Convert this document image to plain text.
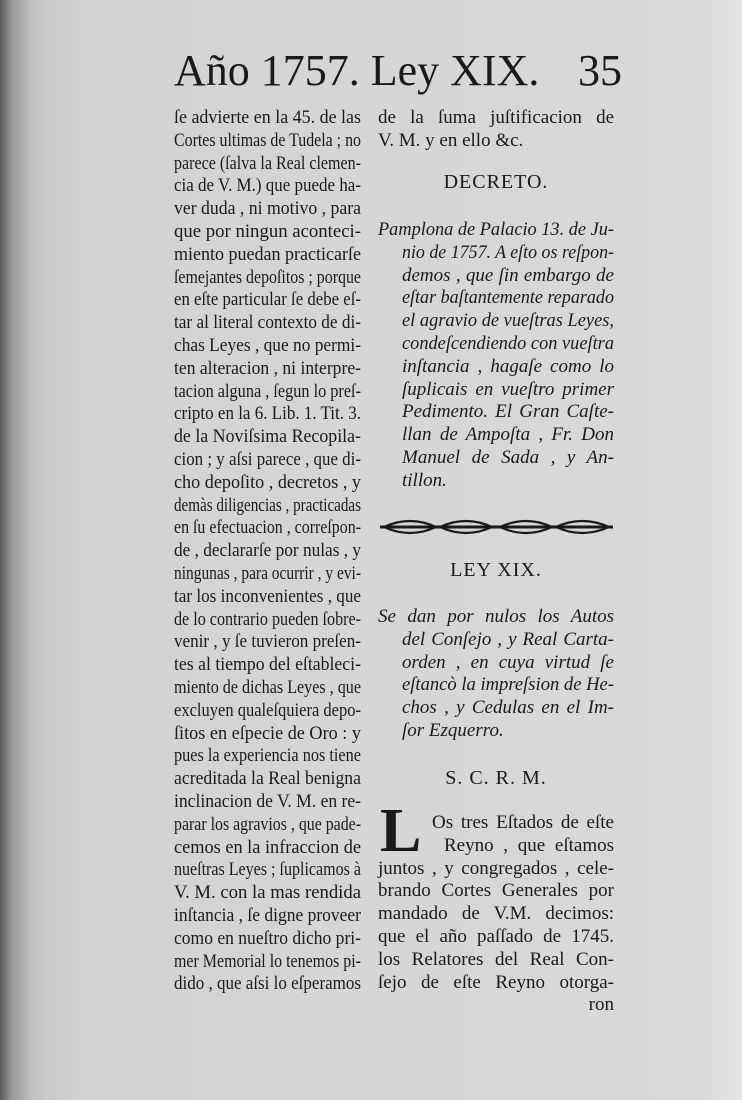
Año 1757. Ley XIX. 35
ſe advierte en la 45. de las
Cortes ultimas de Tudela ; no
parece (ſalva la Real clemen-
cia de V. M.) que puede ha-
ver duda , ni motivo , para
que por ningun aconteci-
miento puedan practicarſe
ſemejantes depoſitos ; porque
en eſte particular ſe debe eſ-
tar al literal contexto de di-
chas Leyes , que no permi-
ten alteracion , ni interpre-
tacion alguna , ſegun lo preſ-
cripto en la 6. Lib. 1. Tit. 3.
de la Noviſsima Recopila-
cion ; y aſsi parece , que di-
cho depoſito , decretos , y
demàs diligencias , practicadas
en ſu efectuacion , correſpon-
de , declararſe por nulas , y
ningunas , para ocurrir , y evi-
tar los inconvenientes , que
de lo contrario pueden ſobre-
venir , y ſe tuvieron preſen-
tes al tiempo del eſtableci-
miento de dichas Leyes , que
excluyen qualeſquiera depo-
ſitos en eſpecie de Oro : y
pues la experiencia nos tiene
acreditada la Real benigna
inclinacion de V. M. en re-
parar los agravios , que pade-
cemos en la infraccion de
nueſtras Leyes ; ſuplicamos à
V. M. con la mas rendida
inſtancia , ſe digne proveer
como en nueſtro dicho pri-
mer Memorial lo tenemos pi-
dido , que aſsi lo eſperamos
DECRETO.
LEY XIX.
S. C. R. M.
L
de la ſuma juſtificacion de
V. M. y en ello &c.
Pamplona de Palacio 13. de Ju-
nio de 1757. A eſto os reſpon-
demos , que ſin embargo de
eſtar baſtantemente reparado
el agravio de vueſtras Leyes,
condeſcendiendo con vueſtra
inſtancia , hagaſe como lo
ſuplicais en vueſtro primer
Pedimento. El Gran Caſte-
llan de Ampoſta , Fr. Don
Manuel de Sada , y An-
tillon.
Se dan por nulos los Autos
del Conſejo , y Real Carta-
orden , en cuya virtud ſe
eſtancò la impreſsion de He-
chos , y Cedulas en el Im-
ſor Ezquerro.
Os tres Eſtados de eſte
Reyno , que eſtamos
juntos , y congregados , cele-
brando Cortes Generales por
mandado de V.M. decimos:
que el año paſſado de 1745.
los Relatores del Real Con-
ſejo de eſte Reyno otorga-
ron
